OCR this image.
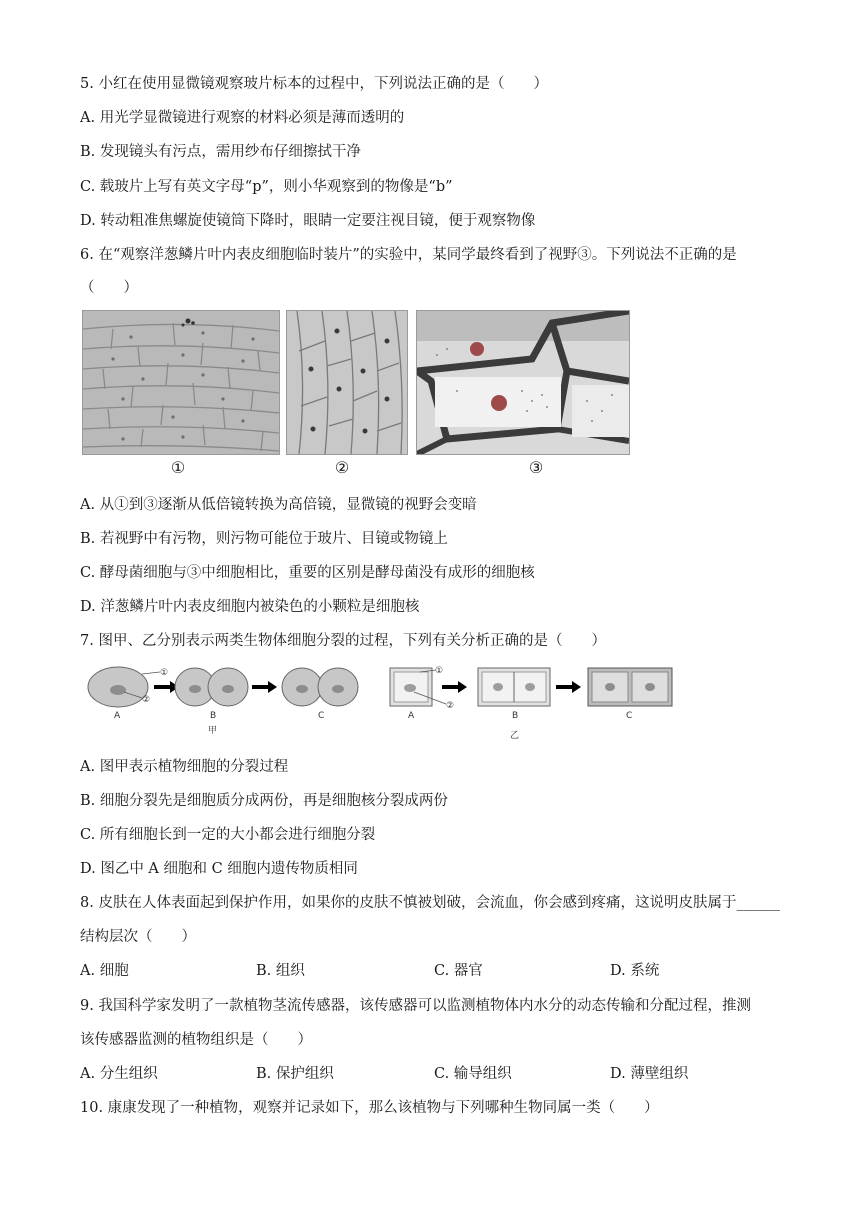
5. 小红在使用显微镜观察玻片标本的过程中，下列说法正确的是（　　）
A. 用光学显微镜进行观察的材料必须是薄而透明的
B. 发现镜头有污点，需用纱布仔细擦拭干净
C. 载玻片上写有英文字母“p”，则小华观察到的物像是“b”
D. 转动粗准焦螺旋使镜筒下降时，眼睛一定要注视目镜，便于观察物像
6. 在“观察洋葱鳞片叶内表皮细胞临时装片”的实验中，某同学最终看到了视野③。下列说法不正确的是
（　　）
①	②	③
A. 从①到③逐渐从低倍镜转换为高倍镜，显微镜的视野会变暗
B. 若视野中有污物，则污物可能位于玻片、目镜或物镜上
C. 酵母菌细胞与③中细胞相比，重要的区别是酵母菌没有成形的细胞核
D. 洋葱鳞片叶内表皮细胞内被染色的小颗粒是细胞核
7. 图甲、乙分别表示两类生物体细胞分裂的过程，下列有关分析正确的是（　　）
①
②
A	B	C
甲
①
②
A	B	C
乙
A. 图甲表示植物细胞的分裂过程
B. 细胞分裂先是细胞质分成两份，再是细胞核分裂成两份
C. 所有细胞长到一定的大小都会进行细胞分裂
D. 图乙中 A 细胞和 C 细胞内遗传物质相同
8. 皮肤在人体表面起到保护作用，如果你的皮肤不慎被划破，会流血，你会感到疼痛，这说明皮肤属于______
结构层次（　　）
A. 细胞	B. 组织	C. 器官	D. 系统
9. 我国科学家发明了一款植物茎流传感器，该传感器可以监测植物体内水分的动态传输和分配过程，推测
该传感器监测的植物组织是（　　）
A. 分生组织	B. 保护组织	C. 输导组织	D. 薄壁组织
10. 康康发现了一种植物，观察并记录如下，那么该植物与下列哪种生物同属一类（　　）
